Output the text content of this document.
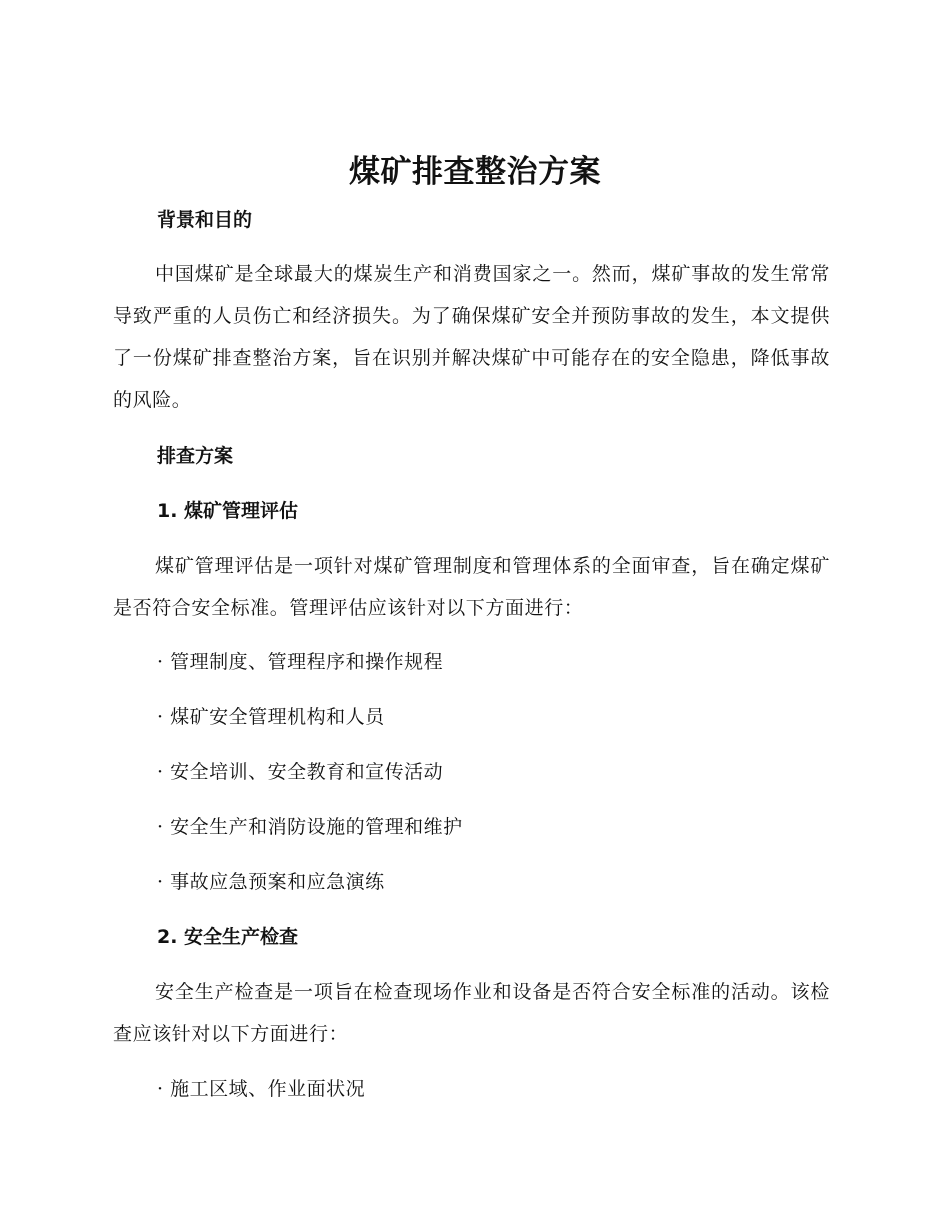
煤矿排查整治方案
背景和目的
中国煤矿是全球最大的煤炭生产和消费国家之一。然而，煤矿事故的发生常常导致严重的人员伤亡和经济损失。为了确保煤矿安全并预防事故的发生，本文提供了一份煤矿排查整治方案，旨在识别并解决煤矿中可能存在的安全隐患，降低事故的风险。
排查方案
1. 煤矿管理评估
煤矿管理评估是一项针对煤矿管理制度和管理体系的全面审查，旨在确定煤矿是否符合安全标准。管理评估应该针对以下方面进行：
· 管理制度、管理程序和操作规程
· 煤矿安全管理机构和人员
· 安全培训、安全教育和宣传活动
· 安全生产和消防设施的管理和维护
· 事故应急预案和应急演练
2. 安全生产检查
安全生产检查是一项旨在检查现场作业和设备是否符合安全标准的活动。该检查应该针对以下方面进行：
· 施工区域、作业面状况
